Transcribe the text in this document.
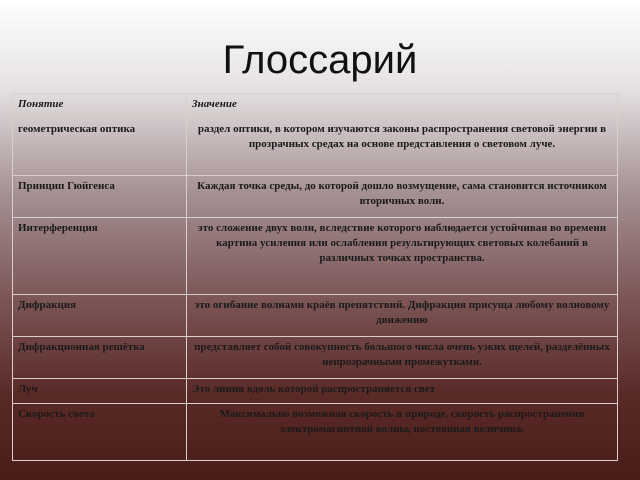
Глоссарий
Понятие	Значение
геометрическая оптика	раздел оптики, в котором изучаются законы распространения световой энергии в прозрачных средах на основе представления о световом луче.
Принцип Гюйгенса	Каждая точка среды, до которой дошло возмущение, сама становится источником вторичных волн.
Интерференция	это сложение двух волн, вследствие которого наблюдается устойчивая во времени картина усиления или ослабления результирующих световых колебаний в различных точках пространства.
Дифракция	это огибание волнами краёв препятствий. Дифракция присуща любому волновому движению
Дифракционная решётка	представляет собой совокупность большого числа очень узких щелей, разделённых непрозрачными промежутками.
Луч	Это линия вдоль которой распространяется свет
Скорость света	Максимально возможная скорость в природе, скорость распространения электромагнитной волны, постоянная величина.
